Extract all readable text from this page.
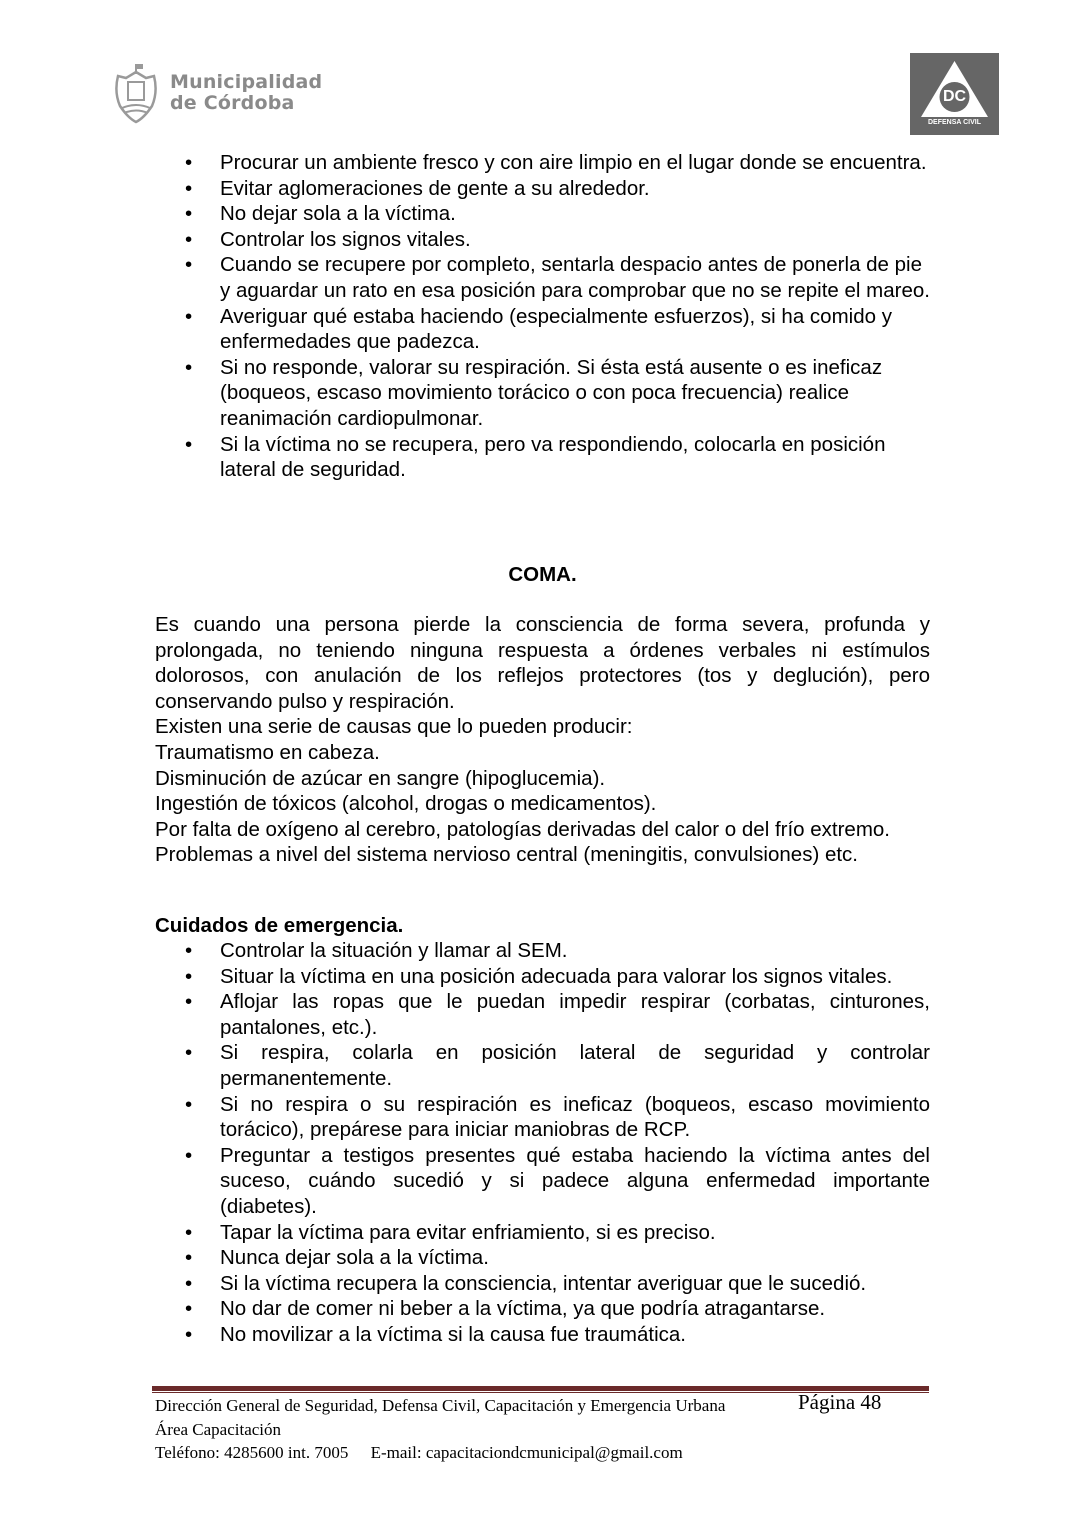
Municipalidad
de Córdoba	DC
DEFENSA CIVIL
• Procurar un ambiente fresco y con aire limpio en el lugar donde se encuentra.
• Evitar aglomeraciones de gente a su alrededor.
• No dejar sola a la víctima.
• Controlar los signos vitales.
• Cuando se recupere por completo, sentarla despacio antes de ponerla de pie y aguardar un rato en esa posición para comprobar que no se repite el mareo.
• Averiguar qué estaba haciendo (especialmente esfuerzos), si ha comido y enfermedades que padezca.
• Si no responde, valorar su respiración. Si ésta está ausente o es ineficaz (boqueos, escaso movimiento torácico o con poca frecuencia) realice reanimación cardiopulmonar.
• Si la víctima no se recupera, pero va respondiendo, colocarla en posición lateral de seguridad.
COMA.
Es cuando una persona pierde la consciencia de forma severa, profunda y prolongada, no teniendo ninguna respuesta a órdenes verbales ni estímulos dolorosos, con anulación de los reflejos protectores (tos y deglución), pero conservando pulso y respiración.
Existen una serie de causas que lo pueden producir:
Traumatismo en cabeza.
Disminución de azúcar en sangre (hipoglucemia).
Ingestión de tóxicos (alcohol, drogas o medicamentos).
Por falta de oxígeno al cerebro, patologías derivadas del calor o del frío extremo.
Problemas a nivel del sistema nervioso central (meningitis, convulsiones) etc.
Cuidados de emergencia.
• Controlar la situación y llamar al SEM.
• Situar la víctima en una posición adecuada para valorar los signos vitales.
• Aflojar las ropas que le puedan impedir respirar (corbatas, cinturones, pantalones, etc.).
• Si respira, colarla en posición lateral de seguridad y controlar permanentemente.
• Si no respira o su respiración es ineficaz (boqueos, escaso movimiento torácico), prepárese para iniciar maniobras de RCP.
• Preguntar a testigos presentes qué estaba haciendo la víctima antes del suceso, cuándo sucedió y si padece alguna enfermedad importante (diabetes).
• Tapar la víctima para evitar enfriamiento, si es preciso.
• Nunca dejar sola a la víctima.
• Si la víctima recupera la consciencia, intentar averiguar que le sucedió.
• No dar de comer ni beber a la víctima, ya que podría atragantarse.
• No movilizar a la víctima si la causa fue traumática.
Dirección General de Seguridad, Defensa Civil, Capacitación y Emergencia Urbana	Página 48
Área Capacitación
Teléfono: 4285600 int. 7005 E-mail: capacitaciondcmunicipal@gmail.com
